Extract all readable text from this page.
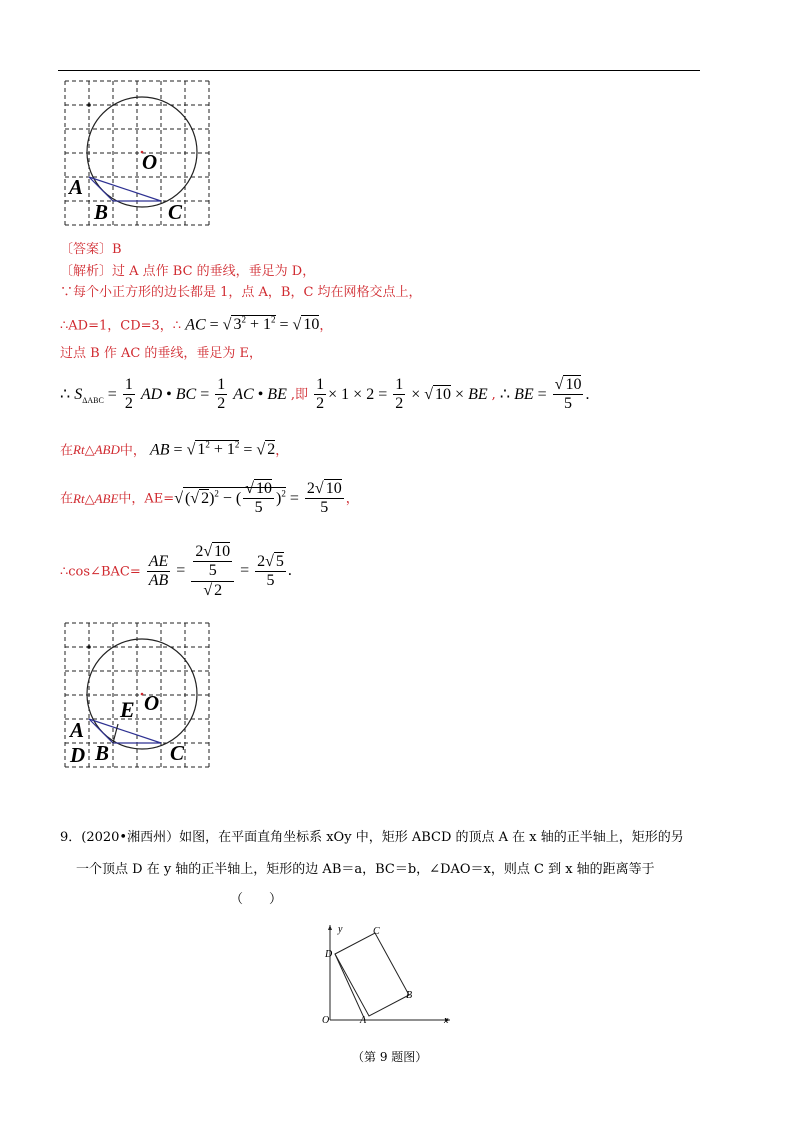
O
A
B	C
〔答案〕B
〔解析〕过 A 点作 BC 的垂线，垂足为 D，
∵每个小正方形的边长都是 1，点 A，B，C 均在网格交点上，
∴AD=1，CD=3，∴ AC = √ $3^2 + 1^2$ = √ 10，
过点 B 作 AC 的垂线，垂足为 E，
∴ $S_{\Delta ABC} = \frac{1}{2}$ AD • BC = $\frac{1}{2}$ AC • BE ,即 $\frac{1}{2} \times 1 \times 2 = \frac{1}{2}$ × √ 10 × BE , ∴ BE = $\frac{√ 10}{5}$ .
在Rt△ABD中， AB = √ $1^2 + 1^2$ = √ 2，
在Rt△ABE中，AE=√ (√ 2)$^2$ − ( $\frac{√ 10}{5} )^2 = \frac{2√ 10}{5}$ ，
∴cos∠BAC= $\frac{AE}{AB} = \frac{\frac{2√ 10}{5}}{√ 2} = \frac{2√ 5}{5}$ .
E O
A
D B	C
9．(2020•湘西州）如图，在平面直角坐标系 xOy 中，矩形 ABCD 的顶点 A 在 x 轴的正半轴上，矩形的另
一个顶点 D 在 y 轴的正半轴上，矩形的边 AB＝a，BC＝b，∠DAO＝x，则点 C 到 x 轴的距离等于
（　　）
y
x
O	A
B
C
D
（第 9 题图）
